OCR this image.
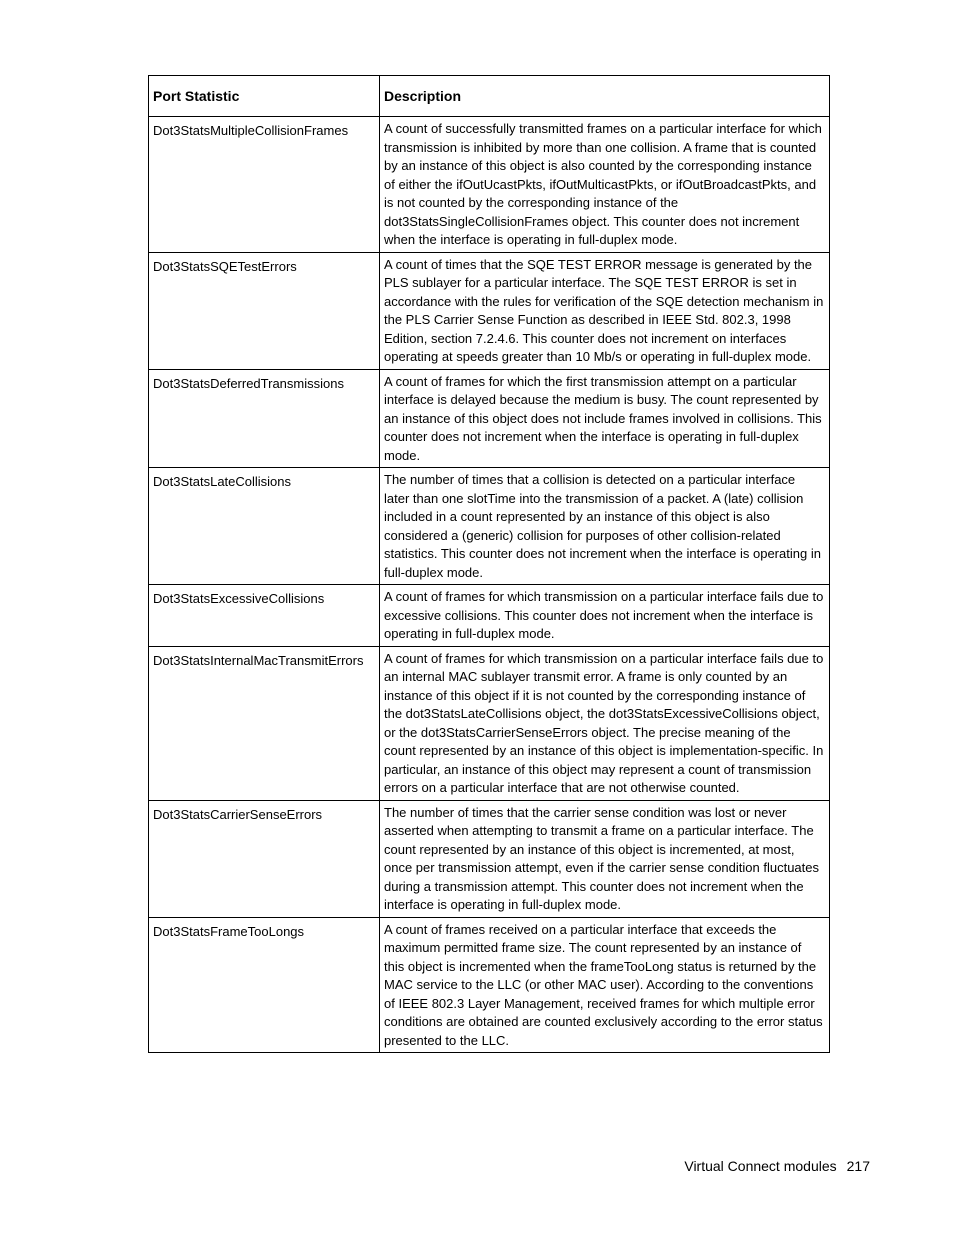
Port Statistic	Description
Dot3StatsMultipleCollisionFrames	A count of successfully transmitted frames on a particular interface for which transmission is inhibited by more than one collision. A frame that is counted by an instance of this object is also counted by the corresponding instance of either the ifOutUcastPkts, ifOutMulticastPkts, or ifOutBroadcastPkts, and is not counted by the corresponding instance of the dot3StatsSingleCollisionFrames object. This counter does not increment when the interface is operating in full-duplex mode.
Dot3StatsSQETestErrors	A count of times that the SQE TEST ERROR message is generated by the PLS sublayer for a particular interface. The SQE TEST ERROR is set in accordance with the rules for verification of the SQE detection mechanism in the PLS Carrier Sense Function as described in IEEE Std. 802.3, 1998 Edition, section 7.2.4.6. This counter does not increment on interfaces operating at speeds greater than 10 Mb/s or operating in full-duplex mode.
Dot3StatsDeferredTransmissions	A count of frames for which the first transmission attempt on a particular interface is delayed because the medium is busy. The count represented by an instance of this object does not include frames involved in collisions. This counter does not increment when the interface is operating in full-duplex mode.
Dot3StatsLateCollisions	The number of times that a collision is detected on a particular interface later than one slotTime into the transmission of a packet. A (late) collision included in a count represented by an instance of this object is also considered a (generic) collision for purposes of other collision-related statistics. This counter does not increment when the interface is operating in full-duplex mode.
Dot3StatsExcessiveCollisions	A count of frames for which transmission on a particular interface fails due to excessive collisions. This counter does not increment when the interface is operating in full-duplex mode.
Dot3StatsInternalMacTransmitErrors	A count of frames for which transmission on a particular interface fails due to an internal MAC sublayer transmit error. A frame is only counted by an instance of this object if it is not counted by the corresponding instance of the dot3StatsLateCollisions object, the dot3StatsExcessiveCollisions object, or the dot3StatsCarrierSenseErrors object. The precise meaning of the count represented by an instance of this object is implementation-specific. In particular, an instance of this object may represent a count of transmission errors on a particular interface that are not otherwise counted.
Dot3StatsCarrierSenseErrors	The number of times that the carrier sense condition was lost or never asserted when attempting to transmit a frame on a particular interface. The count represented by an instance of this object is incremented, at most, once per transmission attempt, even if the carrier sense condition fluctuates during a transmission attempt. This counter does not increment when the interface is operating in full-duplex mode.
Dot3StatsFrameTooLongs	A count of frames received on a particular interface that exceeds the maximum permitted frame size. The count represented by an instance of this object is incremented when the frameTooLong status is returned by the MAC service to the LLC (or other MAC user). According to the conventions of IEEE 802.3 Layer Management, received frames for which multiple error conditions are obtained are counted exclusively according to the error status presented to the LLC.
Virtual Connect modules 217
